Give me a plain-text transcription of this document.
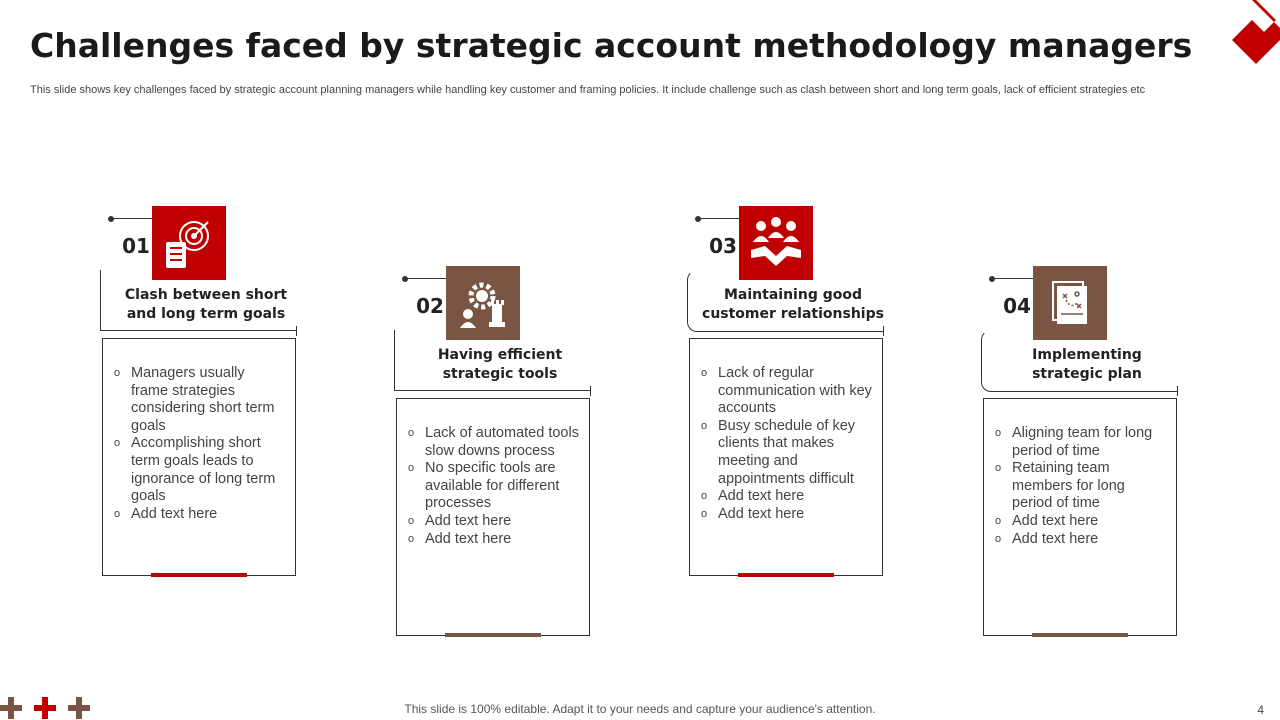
Challenges faced by strategic account methodology managers

This slide shows key challenges faced by strategic account planning managers while handling key customer and framing policies. It include challenge such as clash between short and long term goals, lack of efficient strategies etc

01
Clash between short
and long term goals
o Managers usually frame strategies considering short term goals
o Accomplishing short term goals leads to ignorance of long term goals
o Add text here
02
Having efficient
strategic tools
o Lack of automated tools slow downs process
o No specific tools are available for different processes
o Add text here
o Add text here
03
Maintaining good
customer relationships
o Lack of regular communication with key accounts
o Busy schedule of key clients that makes meeting and appointments difficult
o Add text here
o Add text here
04
Implementing
strategic plan
o Aligning team for long period of time
o Retaining team members for long period of time
o Add text here
o Add text here
This slide is 100% editable. Adapt it to your needs and capture your audience's attention.	4
